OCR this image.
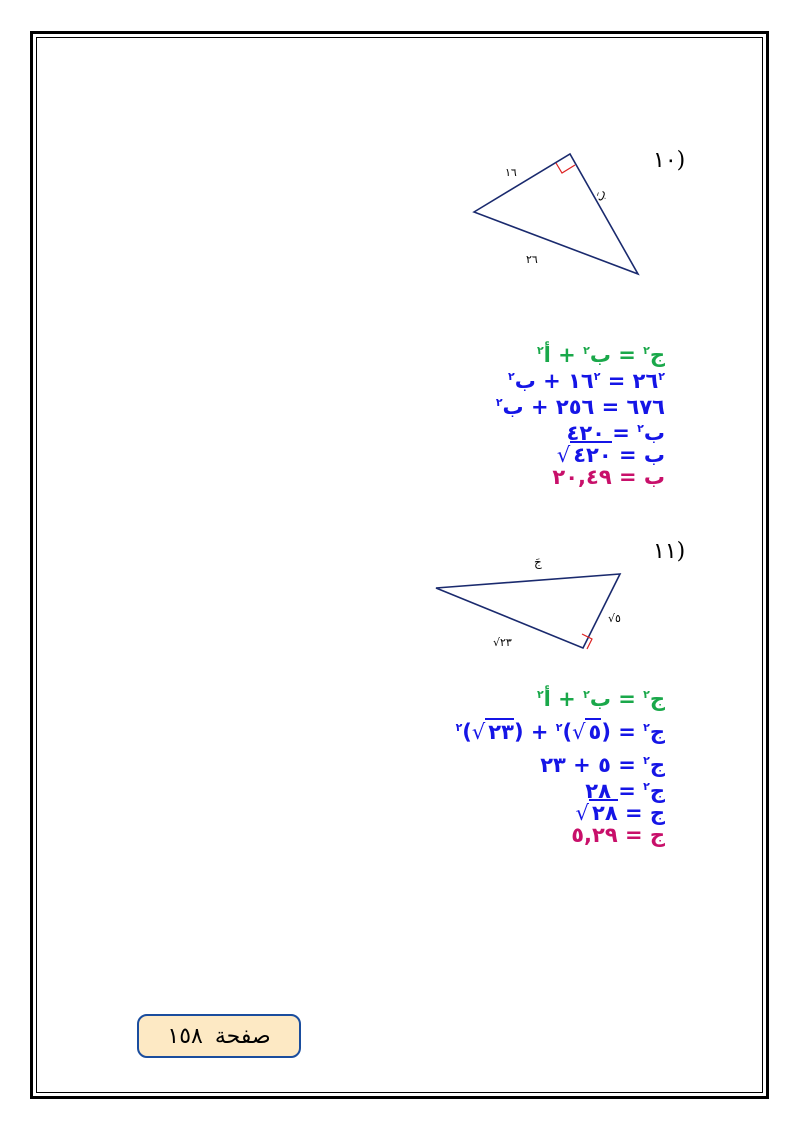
(١٠
١٦
بَ
٢٦
ج$^٢$ = ب$^٢$ + أ$^٢$
$٢٦^٢$ = $١٦^٢$ + ب$^٢$
٦٧٦ = ٢٥٦ + ب$^٢$
ب$^٢$ = ٤٢٠
ب = ٤٢٠√
ب = ٢٠,٤٩
(١١
جَ
√٥
√٢٣
ج$^٢$ = ب$^٢$ + أ$^٢$
ج$^٢$ = (٥√)$^٢$ + (٢٣√)$^٢$
ج$^٢$ = ٥ + ٢٣
ج$^٢$ = ٢٨
ج = ٢٨√
ج = ٥,٢٩
صفحة
١٥٨
